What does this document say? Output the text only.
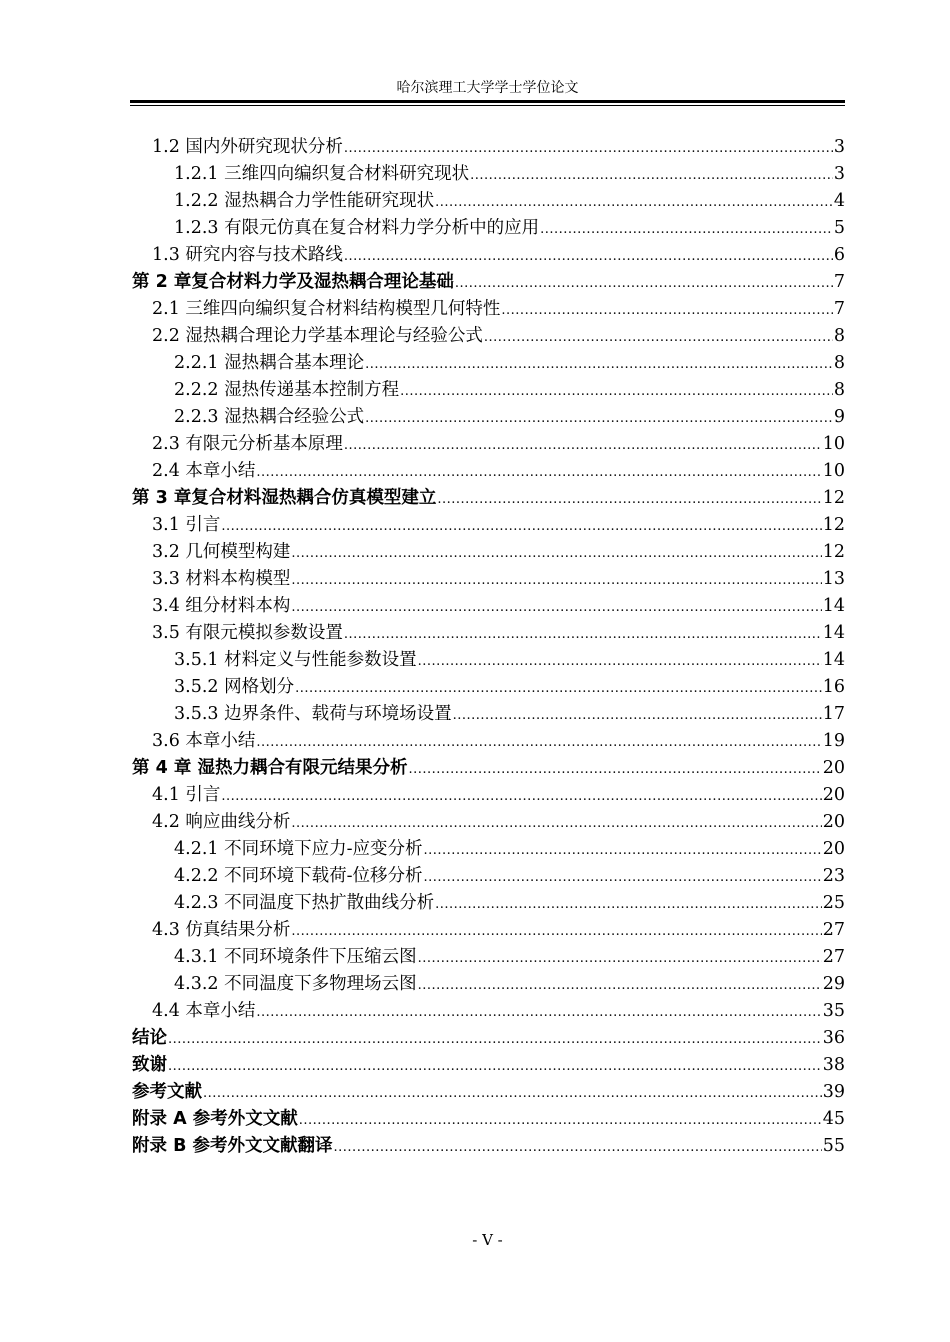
哈尔滨理工大学学士学位论文
1.2 国内外研究现状分析 .....	3
1.2.1 三维四向编织复合材料研究现状 .....	3
1.2.2 湿热耦合力学性能研究现状 .....	4
1.2.3 有限元仿真在复合材料力学分析中的应用 .....	5
1.3 研究内容与技术路线 .....	6
第 2 章复合材料力学及湿热耦合理论基础 .....	7
2.1 三维四向编织复合材料结构模型几何特性 .....	7
2.2 湿热耦合理论力学基本理论与经验公式 .....	8
2.2.1 湿热耦合基本理论 .....	8
2.2.2 湿热传递基本控制方程 .....	8
2.2.3 湿热耦合经验公式 .....	9
2.3 有限元分析基本原理 .....	10
2.4 本章小结 .....	10
第 3 章复合材料湿热耦合仿真模型建立 .....	12
3.1 引言 .....	12
3.2 几何模型构建 .....	12
3.3 材料本构模型 .....	13
3.4 组分材料本构 .....	14
3.5 有限元模拟参数设置 .....	14
3.5.1 材料定义与性能参数设置 .....	14
3.5.2 网格划分 .....	16
3.5.3 边界条件、载荷与环境场设置 .....	17
3.6 本章小结 .....	19
第 4 章 湿热力耦合有限元结果分析 .....	20
4.1 引言 .....	20
4.2 响应曲线分析 .....	20
4.2.1 不同环境下应力-应变分析 .....	20
4.2.2 不同环境下载荷-位移分析 .....	23
4.2.3 不同温度下热扩散曲线分析 .....	25
4.3 仿真结果分析 .....	27
4.3.1 不同环境条件下压缩云图 .....	27
4.3.2 不同温度下多物理场云图 .....	29
4.4 本章小结 .....	35
结论 .....	36
致谢 .....	38
参考文献 .....	39
附录 A 参考外文文献 .....	45
附录 B 参考外文文献翻译 .....	55
- V -
